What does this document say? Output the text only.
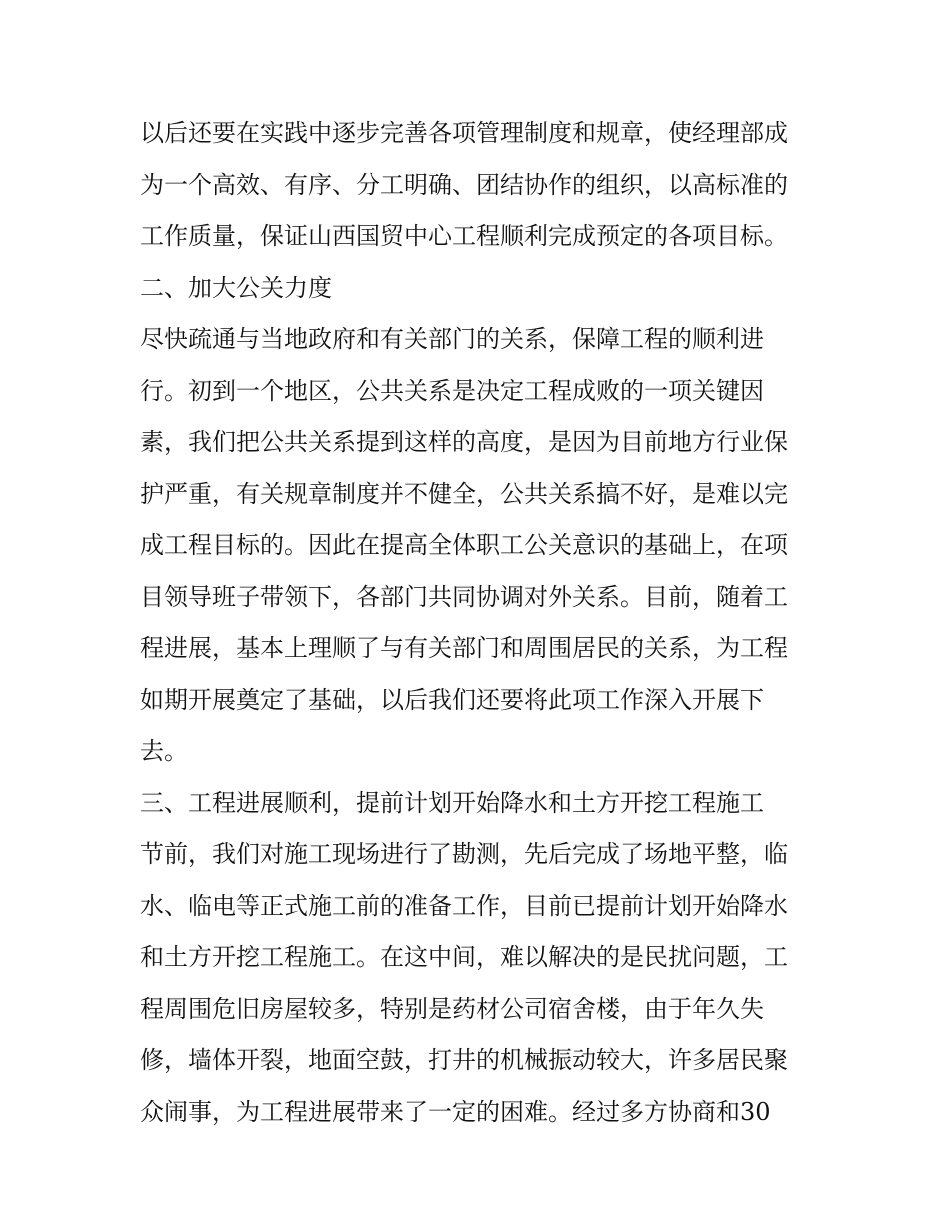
以后还要在实践中逐步完善各项管理制度和规章，使经理部成
为一个高效、有序、分工明确、团结协作的组织，以高标准的
工作质量，保证山西国贸中心工程顺利完成预定的各项目标。
二、加大公关力度
尽快疏通与当地政府和有关部门的关系，保障工程的顺利进
行。初到一个地区，公共关系是决定工程成败的一项关键因
素，我们把公共关系提到这样的高度，是因为目前地方行业保
护严重，有关规章制度并不健全，公共关系搞不好，是难以完
成工程目标的。因此在提高全体职工公关意识的基础上，在项
目领导班子带领下，各部门共同协调对外关系。目前，随着工
程进展，基本上理顺了与有关部门和周围居民的关系，为工程
如期开展奠定了基础，以后我们还要将此项工作深入开展下
去。
三、工程进展顺利，提前计划开始降水和土方开挖工程施工
节前，我们对施工现场进行了勘测，先后完成了场地平整，临
水、临电等正式施工前的准备工作，目前已提前计划开始降水
和土方开挖工程施工。在这中间，难以解决的是民扰问题，工
程周围危旧房屋较多，特别是药材公司宿舍楼，由于年久失
修，墙体开裂，地面空鼓，打井的机械振动较大，许多居民聚
众闹事，为工程进展带来了一定的困难。经过多方协商和30
